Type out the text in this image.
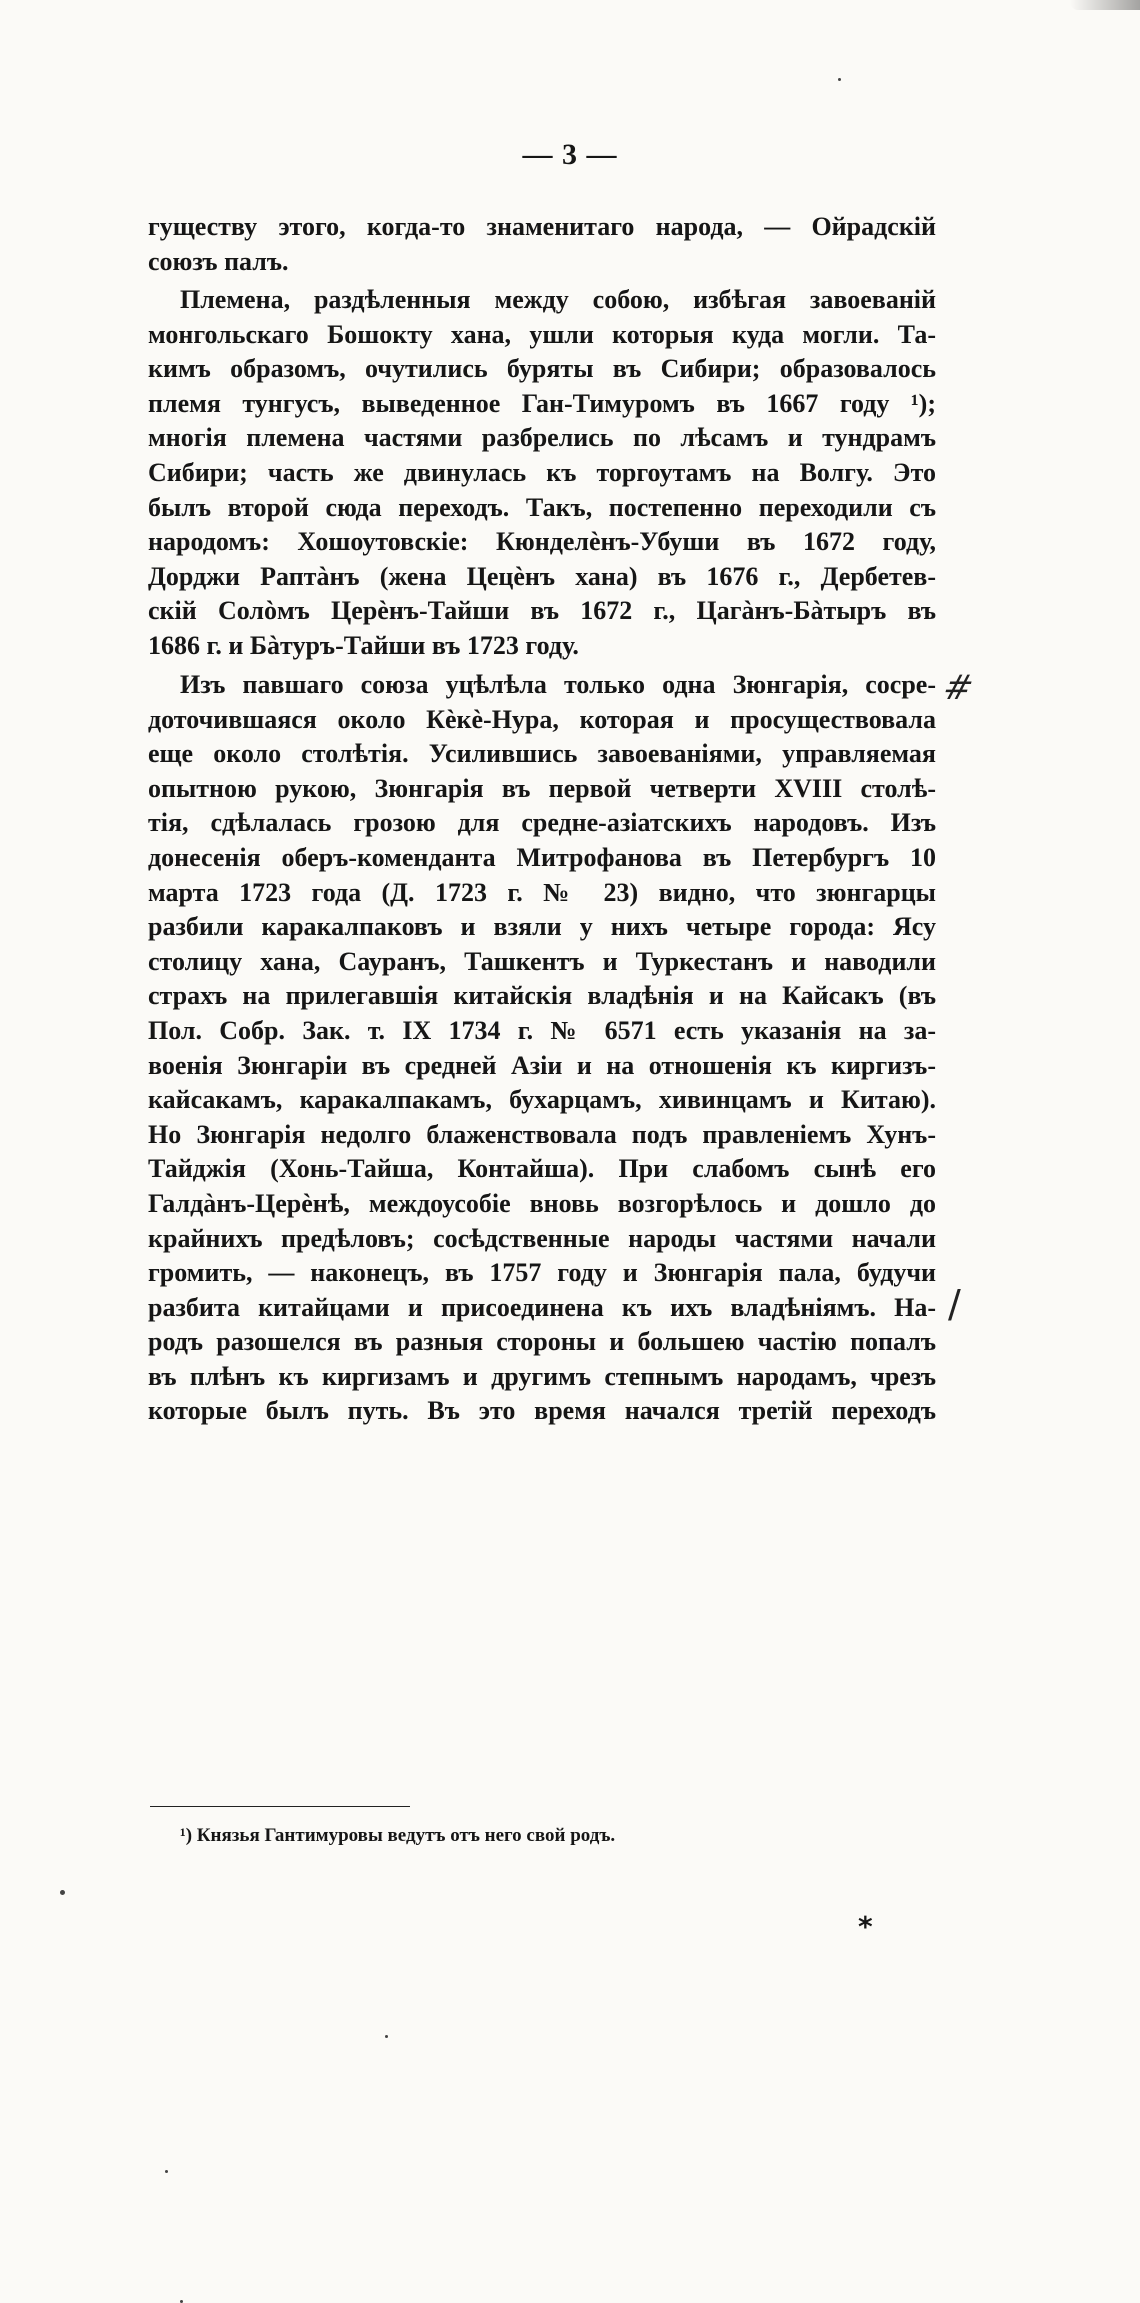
— 3 —
гуществу этого, когда-то знаменитаго народа, — Ойрадскій
союзъ палъ.
Племена, раздѣленныя между собою, избѣгая завоеваній
монгольскаго Бошокту хана, ушли которыя куда могли. Та-
кимъ образомъ, очутились буряты въ Сибири; образовалось
племя тунгусъ, выведенное Ган-Тимуромъ въ 1667 году ¹);
многія племена частями разбрелись по лѣсамъ и тундрамъ
Сибири; часть же двинулась къ торгоутамъ на Волгу. Это
былъ второй сюда переходъ. Такъ, постепенно переходили съ
народомъ: Хошоутовскіе: Кюнделѐнъ-Убуши въ 1672 году,
Дорджи Раптàнъ (жена Цецѐнъ хана) въ 1676 г., Дербетев-
скій Солòмъ Церѐнъ-Тайши въ 1672 г., Цагàнъ-Бàтыръ въ
1686 г. и Бàтуръ-Тайши въ 1723 году.
Изъ павшаго союза уцѣлѣла только одна Зюнгарія, сосре-
доточившаяся около Кѐкѐ-Нура, которая и просуществовала
еще около столѣтія. Усилившись завоеваніями, управляемая
опытною рукою, Зюнгарія въ первой четверти XVIII столѣ-
тія, сдѣлалась грозою для средне-азіатскихъ народовъ. Изъ
донесенія оберъ-коменданта Митрофанова въ Петербургъ 10
марта 1723 года (Д. 1723 г. № 23) видно, что зюнгарцы
разбили каракалпаковъ и взяли у нихъ четыре города: Ясу
столицу хана, Сауранъ, Ташкентъ и Туркестанъ и наводили
страхъ на прилегавшія китайскія владѣнія и на Кайсакъ (въ
Пол. Собр. Зак. т. IX 1734 г. № 6571 есть указанія на за-
военія Зюнгаріи въ средней Азіи и на отношенія къ киргизъ-
кайсакамъ, каракалпакамъ, бухарцамъ, хивинцамъ и Китаю).
Но Зюнгарія недолго блаженствовала подъ правленіемъ Хунъ-
Тайджія (Хонь-Тайша, Контайша). При слабомъ сынѣ его
Галдàнъ-Церѐнѣ, междоусобіе вновь возгорѣлось и дошло до
крайнихъ предѣловъ; сосѣдственные народы частями начали
громить, — наконецъ, въ 1757 году и Зюнгарія пала, будучи
разбита китайцами и присоединена къ ихъ владѣніямъ. На-
родъ разошелся въ разныя стороны и большею частію попалъ
въ плѣнъ къ киргизамъ и другимъ степнымъ народамъ, чрезъ
которые былъ путь. Въ это время начался третій переходъ
#
/
¹) Князья Гантимуровы ведутъ отъ него свой родъ.
*
